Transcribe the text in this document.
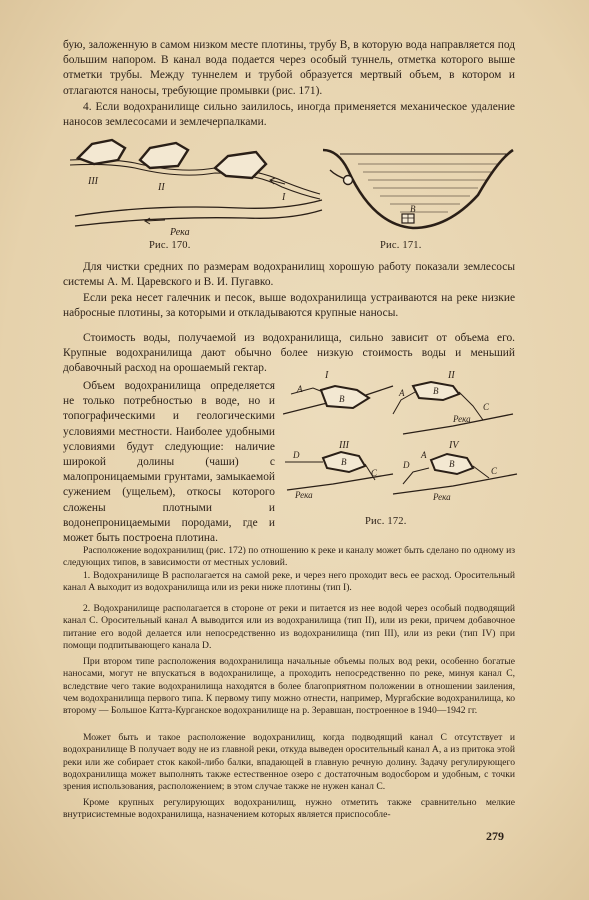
бую, заложенную в самом низком месте плотины, трубу B, в которую вода направляется под большим напором. В канал вода подается через особый туннель, отметка которого выше отметки трубы. Между туннелем и трубой образуется мертвый объем, в котором и отлагаются наносы, требующие промывки (рис. 171).
4. Если водохранилище сильно заилилось, иногда применяется механическое удаление наносов землесосами и землечерпалками.
III
II
I
Река
Рис. 170.
B
Рис. 171.
Для чистки средних по размерам водохранилищ хорошую работу показали землесосы системы А. М. Царевского и В. И. Пугавко.
Если река несет галечник и песок, выше водохранилища устраиваются на реке низкие наброcные плотины, за которыми и откладываются крупные наносы.
Стоимость воды, получаемой из водохранилища, сильно зависит от объема его. Крупные водохранилища дают обычно более низкую стоимость воды и меньший добавочный расход на орошаемый гектар.
Объем водохранилища определяется не только потребностью в воде, но и топографическими и геологическими условиями местности. Наиболее удобными условиями будут следующие: наличие широкой долины (чаши) с малопроницаемыми грунтами, замыкаемой сужением (ущельем), откосы которого сложены плотными и водонепроницаемыми породами, где и может быть построена плотина.
I
A
B
II
A	B
C
Река
III
D
B
C
Река
IV
D
A
B
C
Река
Рис. 172.
Расположение водохранилищ (рис. 172) по отношению к реке и каналу может быть сделано по одному из следующих типов, в зависимости от местных условий.
1. Водохранилище B располагается на самой реке, и через него проходит весь ее расход. Оросительный канал A выходит из водохранилища или из реки ниже плотины (тип I).
2. Водохранилище располагается в стороне от реки и питается из нее водой через особый подводящий канал C. Оросительный канал A выводится или из водохранилища (тип II), или из реки, причем добавочное питание его водой делается или непосредственно из водохранилища (тип III), или из реки (тип IV) при помощи подпитывающего канала D.
При втором типе расположения водохранилища начальные объемы полых вод реки, особенно богатые наносами, могут не впускаться в водохранилище, а проходить непосредственно по реке, минуя канал C, вследствие чего такие водохранилища находятся в более благоприятном положении в отношении заиления, чем водохранилища первого типа. К первому типу можно отнести, например, Мургабские водохранилища, ко второму — Большое Катта-Курганское водохранилище на р. Зеравшан, построенное в 1940—1942 гг.
Может быть и такое расположение водохранилищ, когда подводящий канал C отсутствует и водохранилище B получает воду не из главной реки, откуда выведен оросительный канал A, а из притока этой реки или же собирает сток какой-либо балки, впадающей в главную речную долину. Задачу регулирующего водохранилища может выполнять также естественное озеро с достаточным водосбором и удобным, с точки зрения использования, расположением; в этом случае также не нужен канал C.
Кроме крупных регулирующих водохранилищ, нужно отметить также сравнительно мелкие внутрисистемные водохранилища, назначением которых является приспособле-
279
